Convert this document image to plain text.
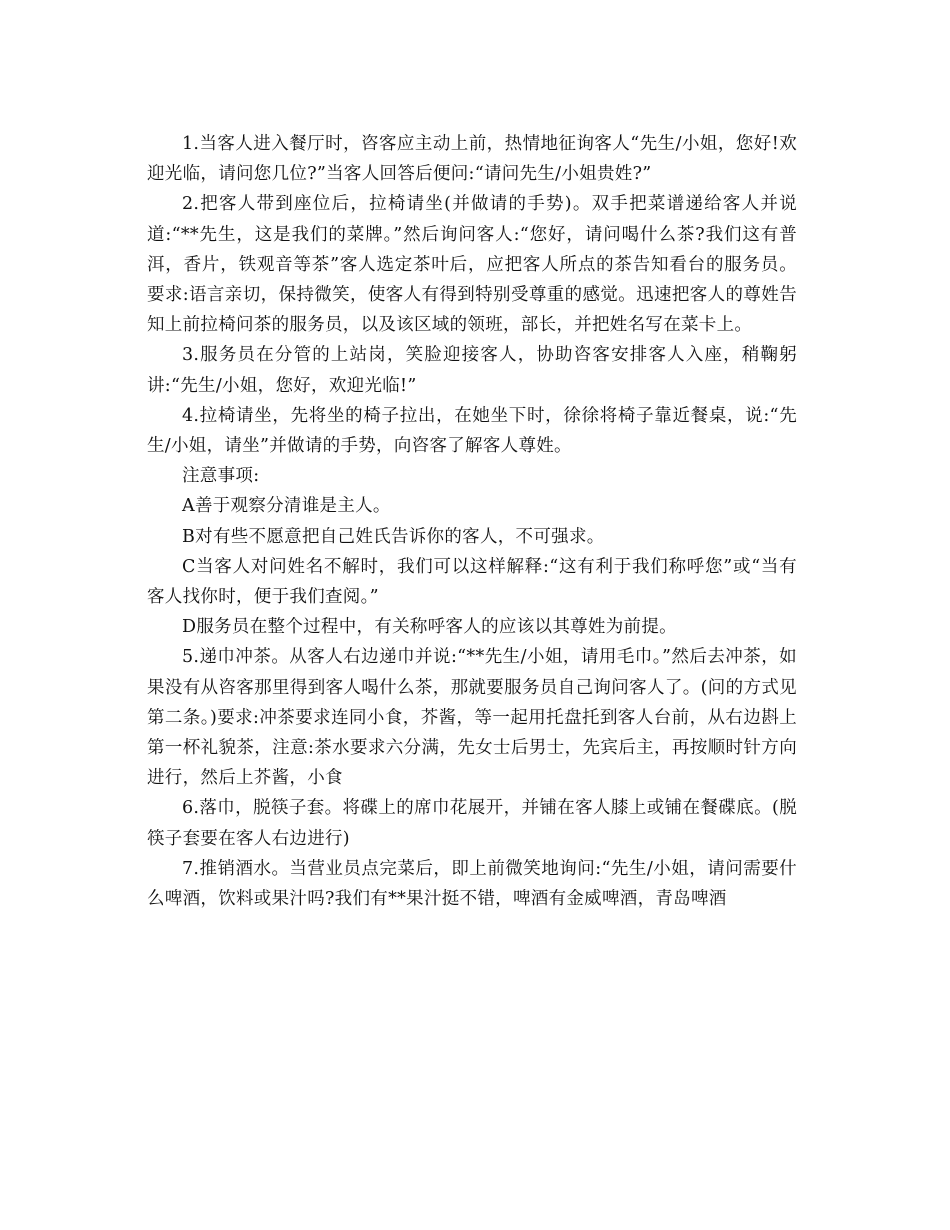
1.当客人进入餐厅时，咨客应主动上前，热情地征询客人“先生/小姐，您好!欢迎光临，请问您几位?”当客人回答后便问:“请问先生/小姐贵姓?”

2.把客人带到座位后，拉椅请坐(并做请的手势)。双手把菜谱递给客人并说道:“**先生，这是我们的菜牌。”然后询问客人:“您好，请问喝什么茶?我们这有普洱，香片，铁观音等茶”客人选定茶叶后，应把客人所点的茶告知看台的服务员。要求:语言亲切，保持微笑，使客人有得到特别受尊重的感觉。迅速把客人的尊姓告知上前拉椅问茶的服务员，以及该区域的领班，部长，并把姓名写在菜卡上。

3.服务员在分管的上站岗，笑脸迎接客人，协助咨客安排客人入座，稍鞠躬讲:“先生/小姐，您好，欢迎光临!”

4.拉椅请坐，先将坐的椅子拉出，在她坐下时，徐徐将椅子靠近餐桌，说:“先生/小姐，请坐”并做请的手势，向咨客了解客人尊姓。

注意事项:

A善于观察分清谁是主人。

B对有些不愿意把自己姓氏告诉你的客人，不可强求。

C当客人对问姓名不解时，我们可以这样解释:“这有利于我们称呼您”或“当有客人找你时，便于我们查阅。”

D服务员在整个过程中，有关称呼客人的应该以其尊姓为前提。

5.递巾冲茶。从客人右边递巾并说:“**先生/小姐，请用毛巾。”然后去冲茶，如果没有从咨客那里得到客人喝什么茶，那就要服务员自己询问客人了。(问的方式见第二条。)要求:冲茶要求连同小食，芥酱，等一起用托盘托到客人台前，从右边斟上第一杯礼貌茶，注意:茶水要求六分满，先女士后男士，先宾后主，再按顺时针方向进行，然后上芥酱，小食

6.落巾，脱筷子套。将碟上的席巾花展开，并铺在客人膝上或铺在餐碟底。(脱筷子套要在客人右边进行)

7.推销酒水。当营业员点完菜后，即上前微笑地询问:“先生/小姐，请问需要什么啤酒，饮料或果汁吗?我们有**果汁挺不错，啤酒有金威啤酒，青岛啤酒
